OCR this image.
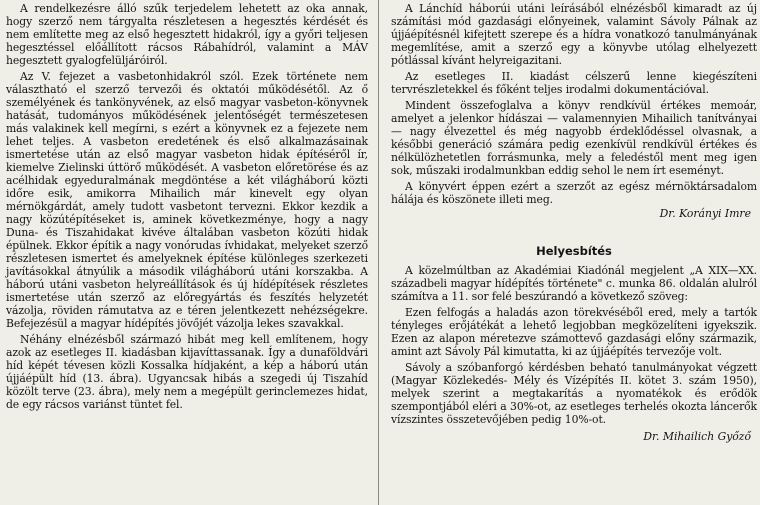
A rendelkezésre álló szűk terjedelem lehetett az oka annak, hogy szerző nem tárgyalta részletesen a hegesztés kérdését és nem említette meg az első hegesztett hidakról, így a győri teljesen hegesztéssel előállított rácsos Rábahídról, valamint a MÁV hegesztett gyalogfelüljáróiról.

Az V. fejezet a vasbetonhidakról szól. Ezek története nem választható el szerző tervezői és oktatói működésétől. Az ő személyének és tankönyvének, az első magyar vasbeton-könyvnek hatását, tudományos működésének jelentőségét természetesen más valakinek kell megírni, s ezért a könyvnek ez a fejezete nem lehet teljes. A vasbeton eredetének és első alkalmazásainak ismertetése után az első magyar vasbeton hidak építéséről ír, kiemelve Zielinski úttörő működését. A vasbeton előretörése és az acélhidak egyeduralmának megdöntése a két világháború közti időre esik, amikorra Mihailich már kinevelt egy olyan mérnökgárdát, amely tudott vasbetont tervezni. Ekkor kezdik a nagy közútépítéseket is, aminek következménye, hogy a nagy Duna- és Tiszahidakat kivéve általában vasbeton közúti hidak épülnek. Ekkor építik a nagy vonórudas ívhidakat, melyeket szerző részletesen ismertet és amelyeknek építése különleges szerkezeti javításokkal átnyúlik a második világháború utáni korszakba. A háború utáni vasbeton helyreállítások és új hídépítések részletes ismertetése után szerző az előregyártás és feszítés helyzetét vázolja, röviden rámutatva az e téren jelentkezett nehézségekre. Befejezésül a magyar hídépítés jövőjét vázolja lekes szavakkal.

Néhány elnézésből származó hibát meg kell említenem, hogy azok az esetleges II. kiadásban kijavíttassanak. Így a dunaföldvári híd képét tévesen közli Kossalka hídjaként, a kép a háború után újjáépült híd (13. ábra). Ugyancsak hibás a szegedi új Tiszahíd közölt terve (23. ábra), mely nem a megépült gerinclemezes hidat, de egy rácsos variánst tüntet fel.

A Lánchíd háborúi utáni leírásából elnézésből kimaradt az új számítási mód gazdasági előnyeinek, valamint Sávoly Pálnak az újjáépítésnél kifejtett szerepe és a hídra vonatkozó tanulmányának megemlítése, amit a szerző egy a könyvbe utólag elhelyezett pótlással kívánt helyreigazitani.

Az esetleges II. kiadást célszerű lenne kiegészíteni tervrészletekkel és főként teljes irodalmi dokumentációval.

Mindent összefoglalva a könyv rendkívül értékes memoár, amelyet a jelenkor hídászai — valamennyien Mihailich tanítványai — nagy élvezettel és még nagyobb érdeklődéssel olvasnak, a későbbi generáció számára pedig ezenkívül rendkívül értékes és nélkülözhetetlen forrásmunka, mely a feledéstől ment meg igen sok, műszaki irodalmunkban eddig sehol le nem írt eseményt.

A könyvért éppen ezért a szerzőt az egész mérnöktársadalom hálája és köszönete illeti meg.

Dr. Korányi Imre

Helyesbítés

A közelmúltban az Akadémiai Kiadónál megjelent „A XIX—XX. századbeli magyar hídépítés története" c. munka 86. oldalán alulról számítva a 11. sor felé beszúrandó a következő szöveg:

Ezen felfogás a haladás azon törekvéséből ered, mely a tartók tényleges erőjátékát a lehető legjobban megközelíteni igyekszik. Ezen az alapon méretezve számottevő gazdasági előny származik, amint azt Sávoly Pál kimutatta, ki az újjáépítés tervezője volt.

Sávoly a szóbanforgó kérdésben beható tanulmányokat végzett (Magyar Közlekedés- Mély és Vízépítés II. kötet 3. szám 1950), melyek szerint a megtakarítás a nyomatékok és erődök szempontjából eléri a 30%-ot, az esetleges terhelés okozta láncerők vízszintes összetevőjében pedig 10%-ot.

Dr. Mihailich Győző
